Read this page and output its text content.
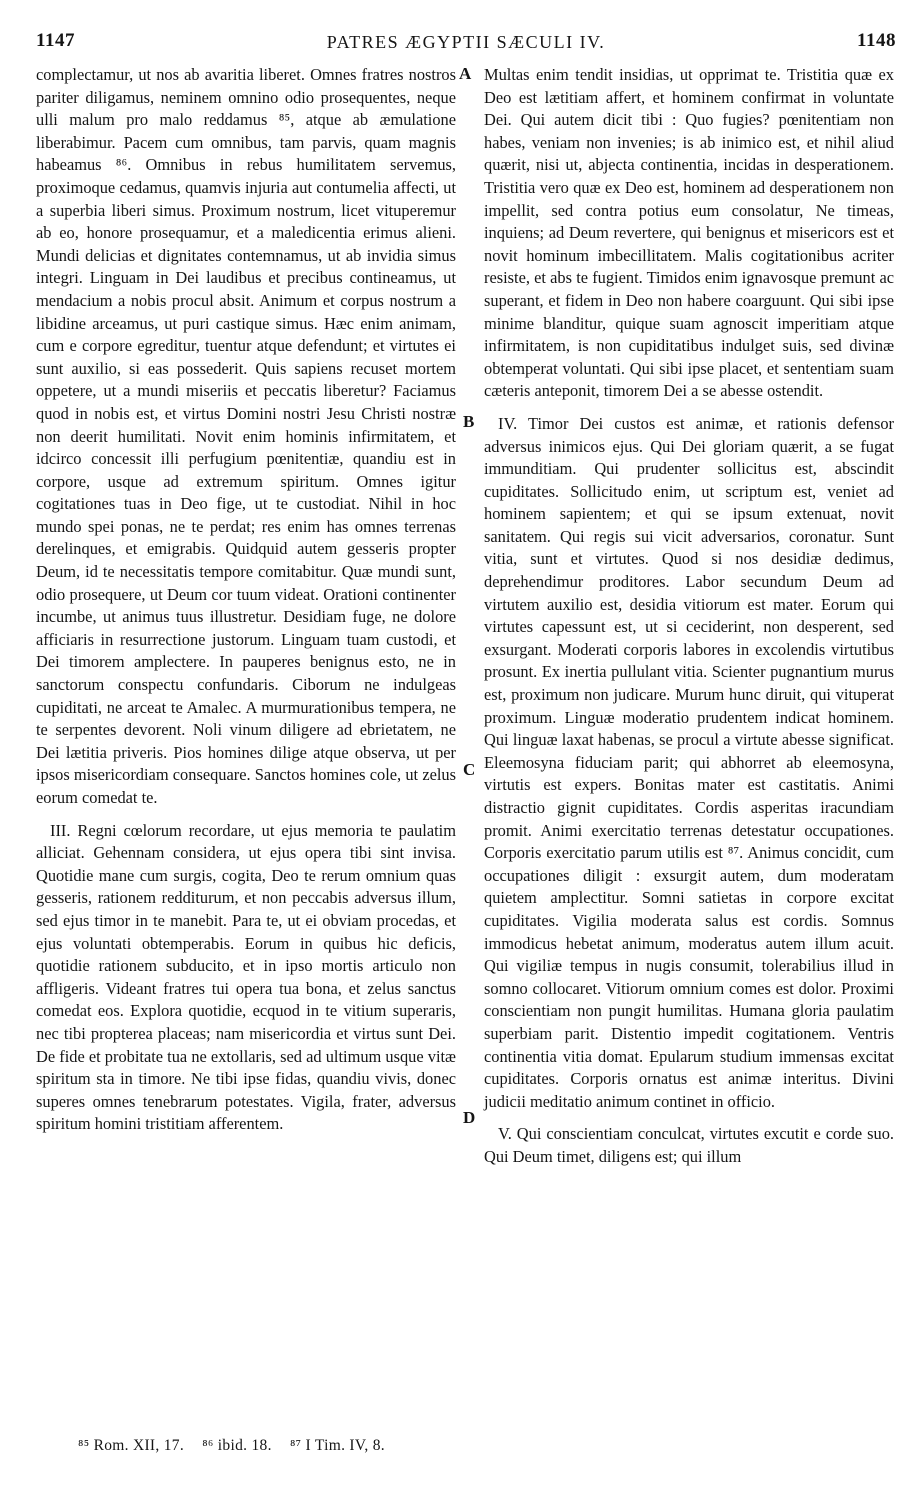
1147	PATRES ÆGYPTII SÆCULI IV.	1148

complectamur, ut nos ab avaritia liberet. Omnes fratres nostros pariter diligamus, neminem omnino odio prosequentes, neque ulli malum pro malo reddamus ⁸⁵, atque ab æmulatione liberabimur. Pacem cum omnibus, tam parvis, quam magnis habeamus ⁸⁶. Omnibus in rebus humilitatem servemus, proximoque cedamus, quamvis injuria aut contumelia affecti, ut a superbia liberi simus. Proximum nostrum, licet vituperemur ab eo, honore prosequamur, et a maledicentia erimus alieni. Mundi delicias et dignitates contemnamus, ut ab invidia simus integri. Linguam in Dei laudibus et precibus contineamus, ut mendacium a nobis procul absit. Animum et corpus nostrum a libidine arceamus, ut puri castique simus. Hæc enim animam, cum e corpore egreditur, tuentur atque defendunt; et virtutes ei sunt auxilio, si eas possederit. Quis sapiens recuset mortem oppetere, ut a mundi miseriis et peccatis liberetur? Faciamus quod in nobis est, et virtus Domini nostri Jesu Christi nostræ non deerit humilitati. Novit enim hominis infirmitatem, et idcirco concessit illi perfugium pœnitentiæ, quandiu est in corpore, usque ad extremum spiritum. Omnes igitur cogitationes tuas in Deo fige, ut te custodiat. Nihil in hoc mundo spei ponas, ne te perdat; res enim has omnes terrenas derelinques, et emigrabis. Quidquid autem gesseris propter Deum, id te necessitatis tempore comitabitur. Quæ mundi sunt, odio prosequere, ut Deum cor tuum videat. Orationi continenter incumbe, ut animus tuus illustretur. Desidiam fuge, ne dolore afficiaris in resurrectione justorum. Linguam tuam custodi, et Dei timorem amplectere. In pauperes benignus esto, ne in sanctorum conspectu confundaris. Ciborum ne indulgeas cupiditati, ne arceat te Amalec. A murmurationibus tempera, ne te serpentes devorent. Noli vinum diligere ad ebrietatem, ne Dei lætitia priveris. Pios homines dilige atque observa, ut per ipsos misericordiam consequare. Sanctos homines cole, ut zelus eorum comedat te.

III. Regni cœlorum recordare, ut ejus memoria te paulatim alliciat. Gehennam considera, ut ejus opera tibi sint invisa. Quotidie mane cum surgis, cogita, Deo te rerum omnium quas gesseris, rationem redditurum, et non peccabis adversus illum, sed ejus timor in te manebit. Para te, ut ei obviam procedas, et ejus voluntati obtemperabis. Eorum in quibus hic deficis, quotidie rationem subducito, et in ipso mortis articulo non affligeris. Videant fratres tui opera tua bona, et zelus sanctus comedat eos. Explora quotidie, ecquod in te vitium superaris, nec tibi propterea placeas; nam misericordia et virtus sunt Dei. De fide et probitate tua ne extollaris, sed ad ultimum usque vitæ spiritum sta in timore. Ne tibi ipse fidas, quandiu vivis, donec superes omnes tenebrarum potestates. Vigila, frater, adversus spiritum homini tristitiam afferentem.

A
B
C
D

Multas enim tendit insidias, ut opprimat te. Tristitia quæ ex Deo est lætitiam affert, et hominem confirmat in voluntate Dei. Qui autem dicit tibi : Quo fugies? pœnitentiam non habes, veniam non invenies; is ab inimico est, et nihil aliud quærit, nisi ut, abjecta continentia, incidas in desperationem. Tristitia vero quæ ex Deo est, hominem ad desperationem non impellit, sed contra potius eum consolatur, Ne timeas, inquiens; ad Deum revertere, qui benignus et misericors est et novit hominum imbecillitatem. Malis cogitationibus acriter resiste, et abs te fugient. Timidos enim ignavosque premunt ac superant, et fidem in Deo non habere coarguunt. Qui sibi ipse minime blanditur, quique suam agnoscit imperitiam atque infirmitatem, is non cupiditatibus indulget suis, sed divinæ obtemperat voluntati. Qui sibi ipse placet, et sententiam suam cæteris anteponit, timorem Dei a se abesse ostendit.

IV. Timor Dei custos est animæ, et rationis defensor adversus inimicos ejus. Qui Dei gloriam quærit, a se fugat immunditiam. Qui prudenter sollicitus est, abscindit cupiditates. Sollicitudo enim, ut scriptum est, veniet ad hominem sapientem; et qui se ipsum extenuat, novit sanitatem. Qui regis sui vicit adversarios, coronatur. Sunt vitia, sunt et virtutes. Quod si nos desidiæ dedimus, deprehendimur proditores. Labor secundum Deum ad virtutem auxilio est, desidia vitiorum est mater. Eorum qui virtutes capessunt est, ut si ceciderint, non desperent, sed exsurgant. Moderati corporis labores in excolendis virtutibus prosunt. Ex inertia pullulant vitia. Scienter pugnantium murus est, proximum non judicare. Murum hunc diruit, qui vituperat proximum. Linguæ moderatio prudentem indicat hominem. Qui linguæ laxat habenas, se procul a virtute abesse significat. Eleemosyna fiduciam parit; qui abhorret ab eleemosyna, virtutis est expers. Bonitas mater est castitatis. Animi distractio gignit cupiditates. Cordis asperitas iracundiam promit. Animi exercitatio terrenas detestatur occupationes. Corporis exercitatio parum utilis est ⁸⁷. Animus concidit, cum occupationes diligit : exsurgit autem, dum moderatam quietem amplectitur. Somni satietas in corpore excitat cupiditates. Vigilia moderata salus est cordis. Somnus immodicus hebetat animum, moderatus autem illum acuit. Qui vigiliæ tempus in nugis consumit, tolerabilius illud in somno collocaret. Vitiorum omnium comes est dolor. Proximi conscientiam non pungit humilitas. Humana gloria paulatim superbiam parit. Distentio impedit cogitationem. Ventris continentia vitia domat. Epularum studium immensas excitat cupiditates. Corporis ornatus est animæ interitus. Divini judicii meditatio animum continet in officio.

V. Qui conscientiam conculcat, virtutes excutit e corde suo. Qui Deum timet, diligens est; qui illum

⁸⁵ Rom. XII, 17. ⁸⁶ ibid. 18. ⁸⁷ I Tim. IV, 8.
